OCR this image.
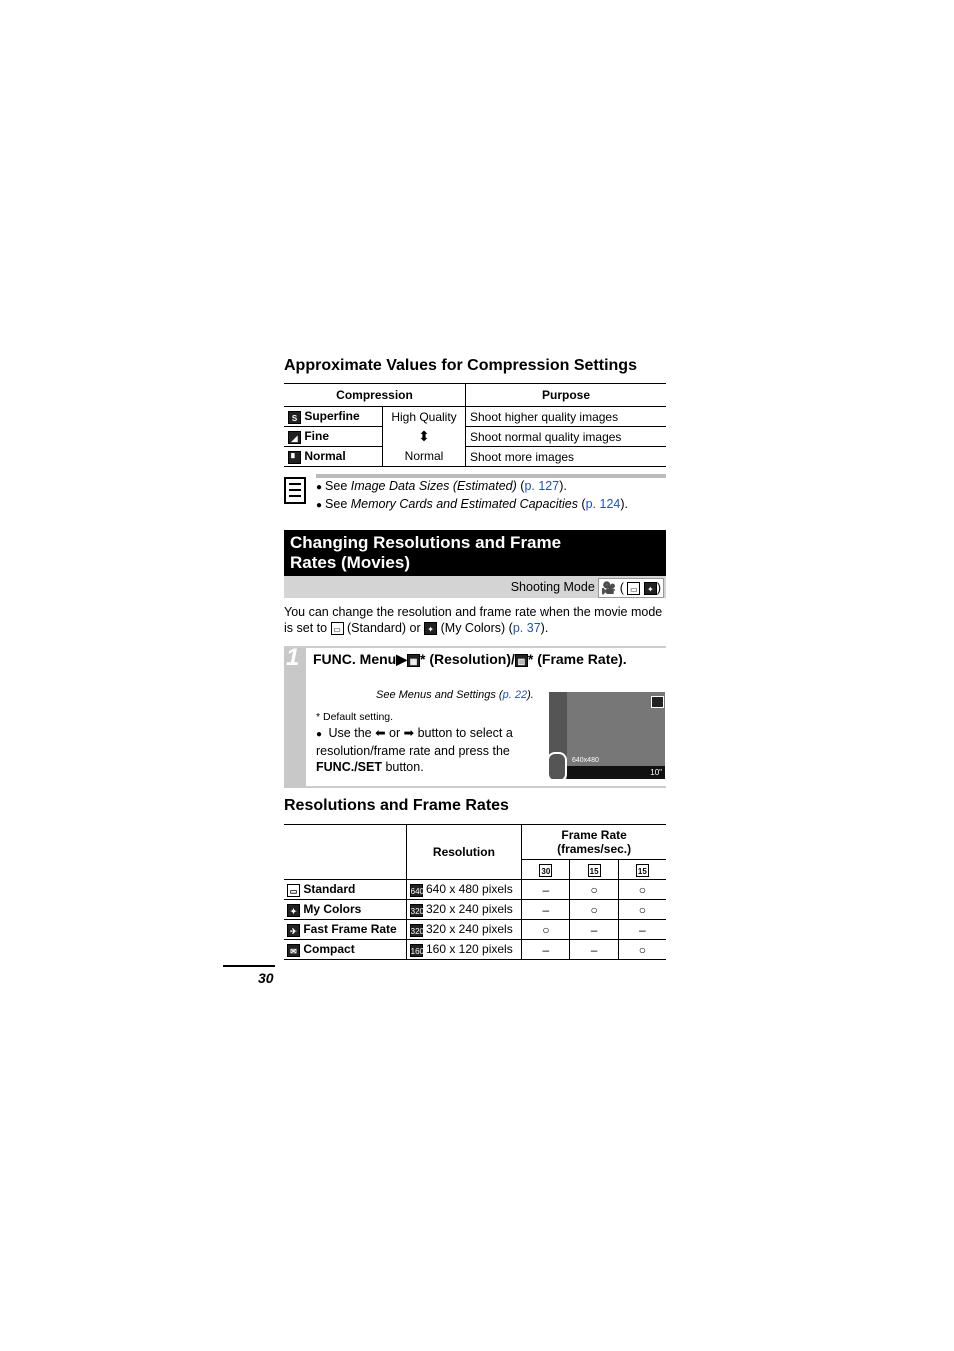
Approximate Values for Compression Settings
Compression		Purpose
S Superfine	High Quality	Shoot higher quality images
◢ Fine	⬍	Shoot normal quality images
▘ Normal	Normal	Shoot more images
● See Image Data Sizes (Estimated) (p. 127).
● See Memory Cards and Estimated Capacities (p. 124).
Changing Resolutions and Frame
Rates (Movies)
Shooting Mode 🎥 ( ▭ ✦ )
You can change the resolution and frame rate when the movie mode is set to ▭ (Standard) or ✦ (My Colors) (p. 37).
1 FUNC. Menu▶ ▦ * (Resolution)/ ▥ * (Frame Rate).
See Menus and Settings (p. 22).
* Default setting.
● Use the ⬅ or ➡ button to select a resolution/frame rate and press the FUNC./SET button.	640x480
10"
Resolutions and Frame Rates
	Resolution	Frame Rate (frames/sec.)		
		30	15	15
▭ Standard	640 640 x 480 pixels	–	○	○
✦ My Colors	320 320 x 240 pixels	–	○	○
✈ Fast Frame Rate	320 320 x 240 pixels	○	–	–
✉ Compact	160 160 x 120 pixels	–	–	○
30
